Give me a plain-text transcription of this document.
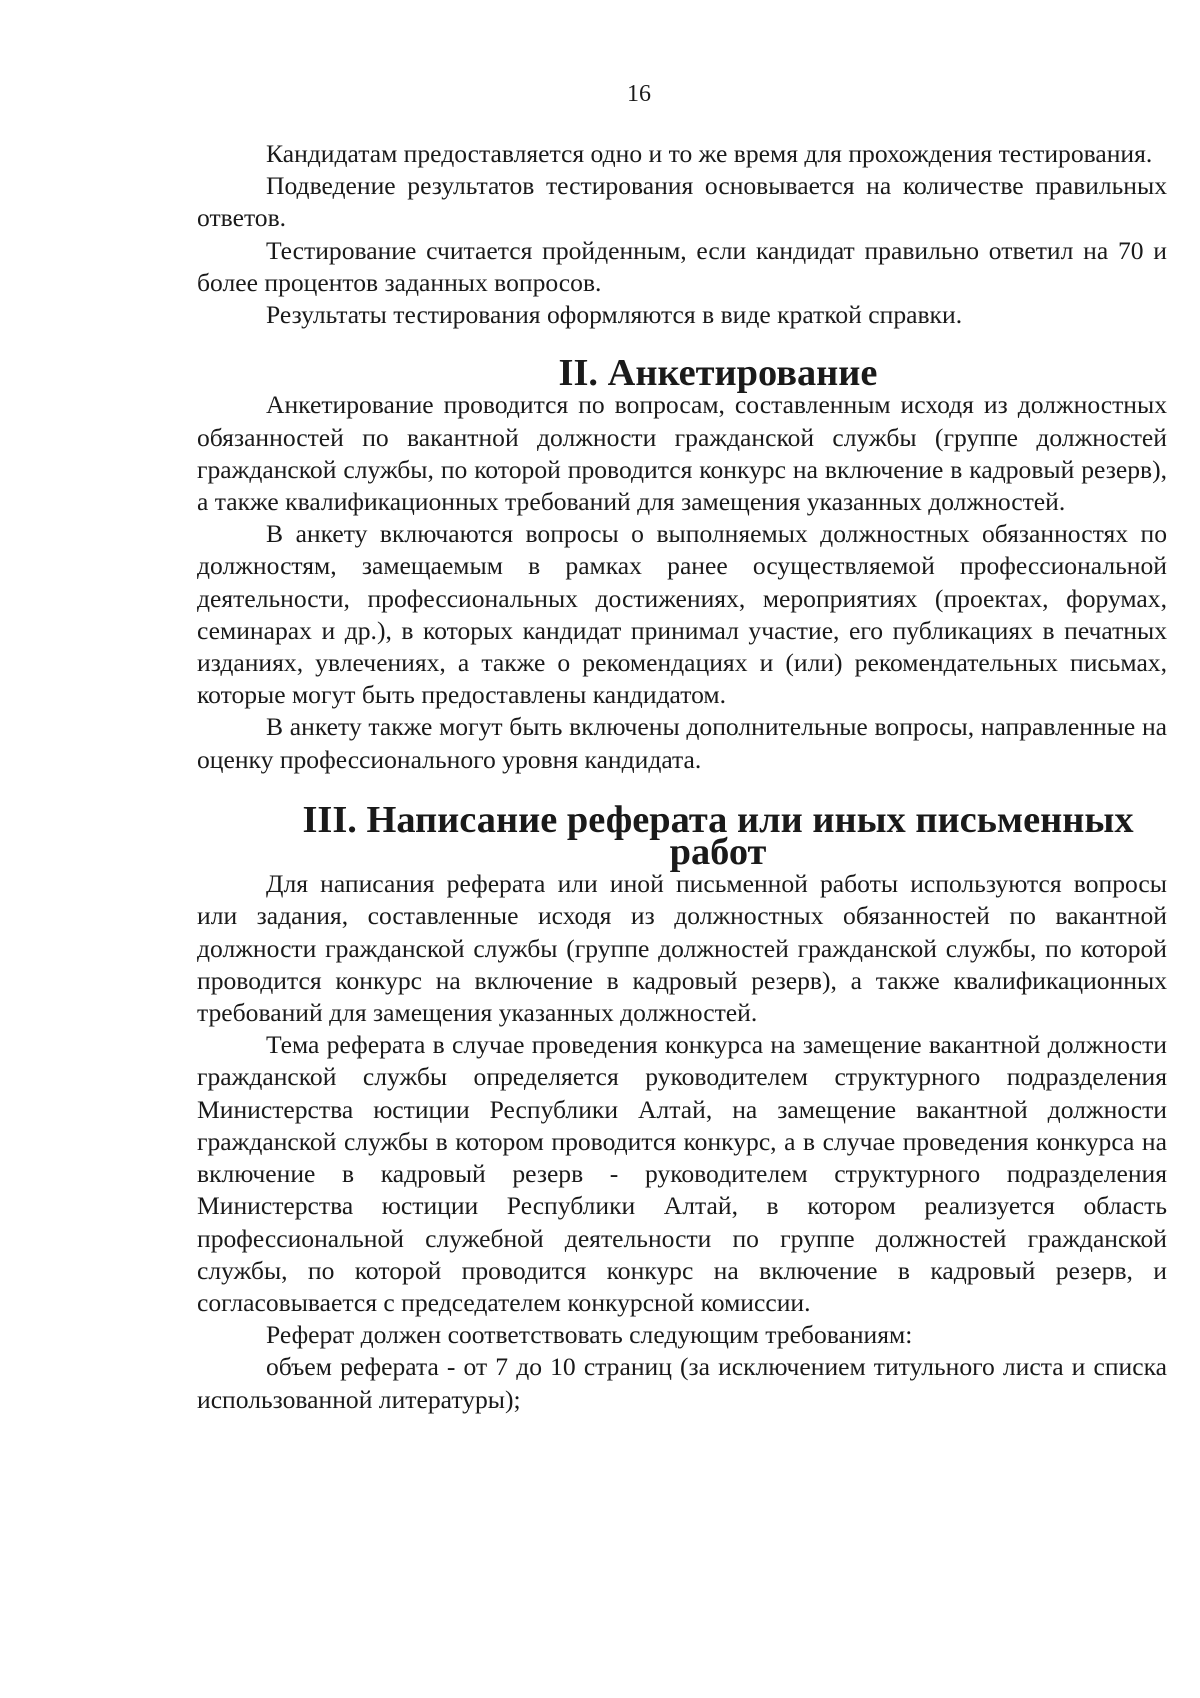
16

Кандидатам предоставляется одно и то же время для прохождения тестирования.

Подведение результатов тестирования основывается на количестве правильных ответов.

Тестирование считается пройденным, если кандидат правильно ответил на 70 и более процентов заданных вопросов.

Результаты тестирования оформляются в виде краткой справки.

II. Анкетирование

Анкетирование проводится по вопросам, составленным исходя из должностных обязанностей по вакантной должности гражданской службы (группе должностей гражданской службы, по которой проводится конкурс на включение в кадровый резерв), а также квалификационных требований для замещения указанных должностей.

В анкету включаются вопросы о выполняемых должностных обязанностях по должностям, замещаемым в рамках ранее осуществляемой профессиональной деятельности, профессиональных достижениях, мероприятиях (проектах, форумах, семинарах и др.), в которых кандидат принимал участие, его публикациях в печатных изданиях, увлечениях, а также о рекомендациях и (или) рекомендательных письмах, которые могут быть предоставлены кандидатом.

В анкету также могут быть включены дополнительные вопросы, направленные на оценку профессионального уровня кандидата.

III. Написание реферата или иных письменных работ

Для написания реферата или иной письменной работы используются вопросы или задания, составленные исходя из должностных обязанностей по вакантной должности гражданской службы (группе должностей гражданской службы, по которой проводится конкурс на включение в кадровый резерв), а также квалификационных требований для замещения указанных должностей.

Тема реферата в случае проведения конкурса на замещение вакантной должности гражданской службы определяется руководителем структурного подразделения Министерства юстиции Республики Алтай, на замещение вакантной должности гражданской службы в котором проводится конкурс, а в случае проведения конкурса на включение в кадровый резерв - руководителем структурного подразделения Министерства юстиции Республики Алтай, в котором реализуется область профессиональной служебной деятельности по группе должностей гражданской службы, по которой проводится конкурс на включение в кадровый резерв, и согласовывается с председателем конкурсной комиссии.

Реферат должен соответствовать следующим требованиям:

объем реферата - от 7 до 10 страниц (за исключением титульного листа и списка использованной литературы);
